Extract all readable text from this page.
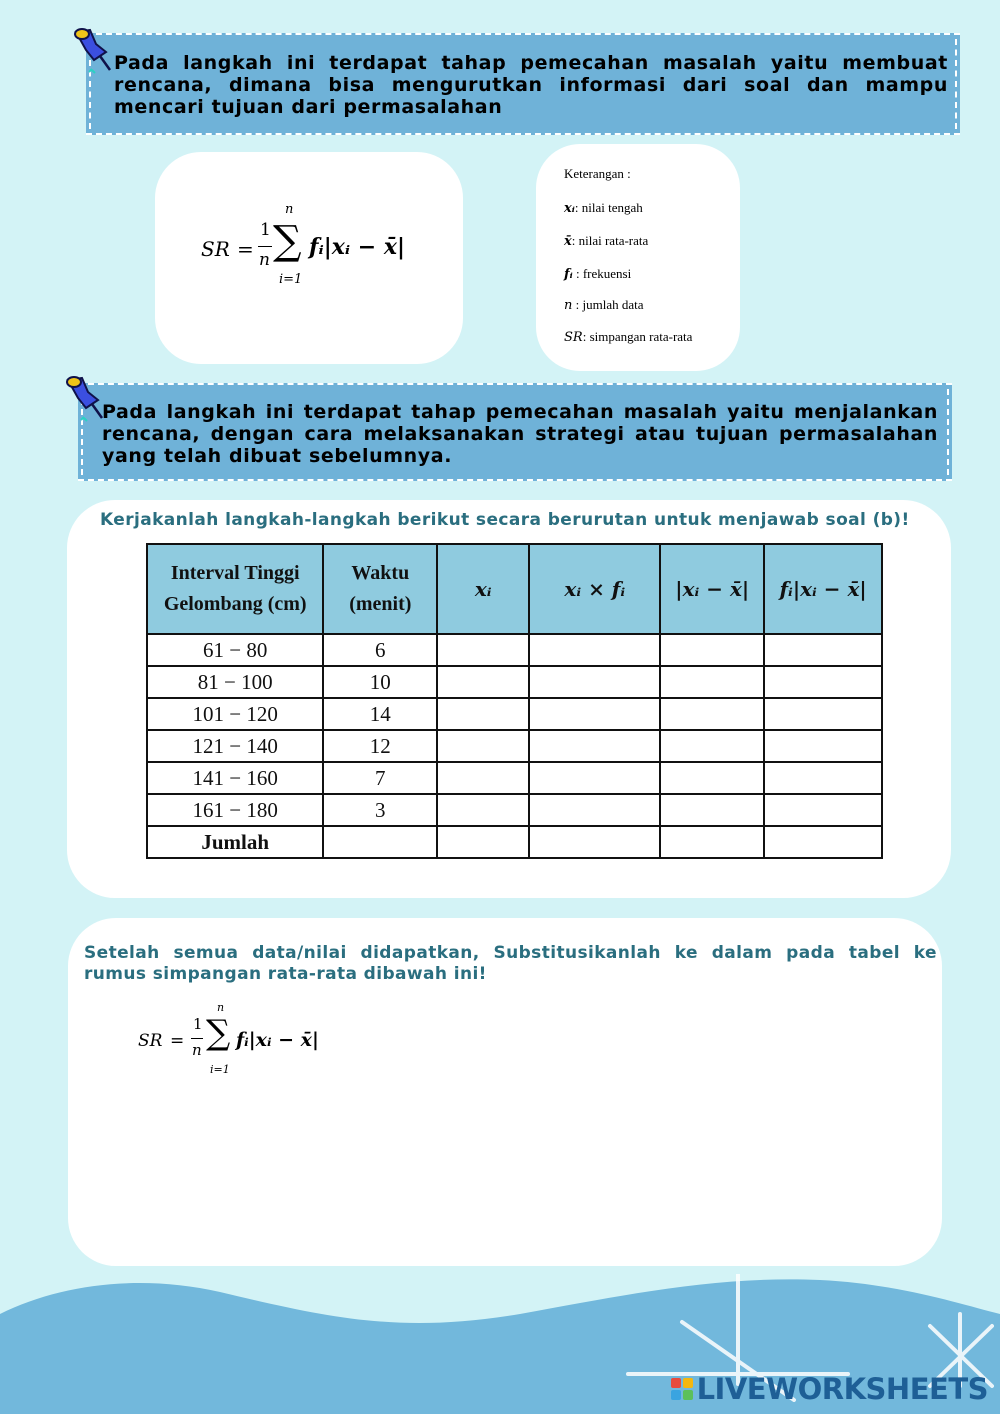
Pada langkah ini terdapat tahap pemecahan masalah yaitu membuat rencana, dimana bisa mengurutkan informasi dari soal dan mampu mencari tujuan dari permasalahan
SR =
1
n ∑
n
i=1
fᵢ|xᵢ − x̄|
Keterangan :
xᵢ: nilai tengah
x̄: nilai rata-rata
fᵢ : frekuensi
n : jumlah data
SR: simpangan rata-rata
Pada langkah ini terdapat tahap pemecahan masalah yaitu menjalankan rencana, dengan cara melaksanakan strategi atau tujuan permasalahan yang telah dibuat sebelumnya.
Kerjakanlah langkah-langkah berikut secara berurutan untuk menjawab soal (b)!
Interval Tinggi Gelombang (cm)	Waktu (menit)	xᵢ	xᵢ × fᵢ	|xᵢ − x̄|	fᵢ|xᵢ − x̄|
61 − 80	6				
81 − 100	10				
101 − 120	14				
121 − 140	12				
141 − 160	7				
161 − 180	3				
Jumlah					
Setelah semua data/nilai didapatkan, Substitusikanlah ke dalam pada tabel ke rumus simpangan rata-rata dibawah ini!
SR =
1
n ∑
n
i=1
fᵢ|xᵢ − x̄|
LIVEWORKSHEETS
